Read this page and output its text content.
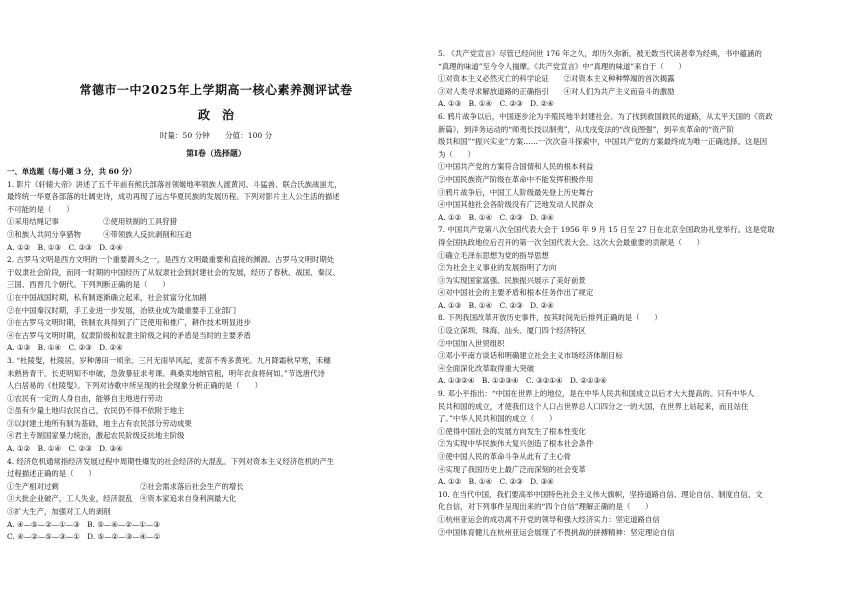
常德市一中2025年上学期高一核心素养测评试卷
政　治
时量：50 分钟　　分值：100 分
第Ⅰ卷（选择题）
一、单选题（每小题 3 分，共 60 分）
1. 影片《轩辕大帝》讲述了五千年前有熊氏部落首领姬地率领族人渡黄河、斗猛兽、联合氏族战蚩尤，
最终统一华夏各部落的壮阔史诗，成功再现了远古华夏民族的发展历程。下列对影片主人公生活的描述
不可能的是（　　）
①采用结绳记事　　　　　　②使用铁制的工具狩猎
③和族人共同分享猎物　　　④带领族人反抗剥削和压迫
A. ①②　B. ①③　C. ②③　D. ②④
2. 古罗马文明是西方文明的一个重要源头之一，是西方文明最重要和直接的渊源。古罗马文明时期处
于奴隶社会阶段，而同一时期的中国经历了从奴隶社会到封建社会的发展，经历了春秋、战国、秦汉、
三国、西晋几个朝代。下列判断正确的是（　　）
①在中国战国时期，私有制逐渐确立起来，社会贫富分化加剧
②在中国秦汉时期，手工业进一步发展，冶铁业成为最重要手工业部门
③在古罗马文明时期，铁制农具得到了广泛使用和推广，耕作技术明显进步
④在古罗马文明时期，奴隶阶级和奴隶主阶级之间的矛盾是当时的主要矛盾
A. ①③　B. ①④　C. ②③　D. ②④
3. “杜陵叟，杜陵居，岁种薄田一顷余。三月无雨旱风起，麦苗不秀多黄死。九月降霜秋早寒，禾穗
未熟皆青干。长吏明知不申破，急敛暴征求考课。典桑卖地纳官租，明年衣食将何如。”节选唐代诗
人白居易的《杜陵叟》。下列对诗歌中所呈现的社会现象分析正确的是（　　）
①农民有一定的人身自由，能够自主地进行劳动
②虽有少量土地归农民自己，农民仍不得不依附于地主
③以封建土地所有制为基础，地主占有农民部分劳动成果
④君主专制国家暴力统治，激起农民阶级反抗地主阶级
A. ①②　B. ①④　C. ②③　D. ③④
4. 经济危机通常指经济发展过程中周期性爆发的社会经济的大混乱。下列对资本主义经济危机的产生
过程描述正确的是（　　）
①生产相对过剩　　　　　　　　　　　②社会需求落后社会生产的增长
③大批企业破产，工人失业，经济混乱　④资本家追求自身利润最大化
⑤扩大生产，加强对工人的剥削
A. ④—⑤—②—①—③　B. ⑤—④—②—①—③
C. ④—②—⑤—③—①　D. ⑤—②—③—④—①
5. 《共产党宣言》尽管已经问世 176 年之久，却历久弥新，被无数当代读者奉为经典，书中蕴涵的
“真理的味道”至今令人揣摩。《共产党宣言》中“真理的味道”来自于（　　）
①对资本主义必然灭亡的科学论证　　②对资本主义种种弊端的首次揭露
③对人类寻求解放道路的正确指引　　④对人们为共产主义而奋斗的激励
A. ①③　B. ①④　C. ②③　D. ②④
6. 鸦片战争以后，中国逐步沦为半殖民地半封建社会。为了找到救国救民的道路，从太平天国的《资政
新篇》，到洋务运动的“师夷长技以制夷”，从戊戌变法的“改良图强”，到辛亥革命的“资产阶
级共和国”“振兴实业”方案……一次次奋斗探索中，中国共产党的方案最终成为唯一正确选择。这是因
为（　　）
①中国共产党的方案符合国情和人民的根本利益
②中国民族资产阶级在革命中不能发挥积极作用
③鸦片战争后，中国工人阶级最先登上历史舞台
④中国其他社会各阶级没有广泛地发动人民群众
A. ①②　B. ①④　C. ②③　D. ③④
7. 中国共产党第八次全国代表大会于 1956 年 9 月 15 日至 27 日在北京全国政协礼堂举行。这是党取
得全国执政地位后召开的第一次全国代表大会。这次大会最重要的贡献是（　　）
①确立毛泽东思想为党的指导思想
②为社会主义事业的发展指明了方向
③为实现国家富强、民族振兴展示了美好前景
④对中国社会的主要矛盾和根本任务作出了规定
A. ①③　B. ①④　C. ②③　D. ②④
8. 下列我国改革开放历史事件，按其时间先后排列正确的是（　　）
①设立深圳、珠海、汕头、厦门四个经济特区
②中国加入世贸组织
③邓小平南方谈话和明确建立社会主义市场经济体制目标
④全面深化改革取得重大突破
A. ①③②④　B. ①②③④　C. ③②①④　D. ②①③④
9. 邓小平指出：“中国在世界上的地位，是在中华人民共和国成立以后才大大提高的。只有中华人
民共和国的成立，才使我们这个人口占世界总人口四分之一的大国，在世界上站起来，而且站住
了。”中华人民共和国的成立（　　）
①使得中国社会的发展方向发生了根本性变化
②为实现中华民族伟大复兴创造了根本社会条件
③使中国人民的革命斗争从此有了主心骨
④实现了我国历史上最广泛而深刻的社会变革
A. ①②　B. ①④　C. ②③　D. ③④
10. 在当代中国，我们要高举中国特色社会主义伟大旗帜，坚持道路自信、理论自信、制度自信、文
化自信，对下列事件呈现出来的“四个自信”理解正确的是（　　）
①杭州亚运会的成功离不开党的领导和强大经济实力：坚定道路自信
②中国体育健儿在杭州亚运会展现了不畏挑战的拼搏精神：坚定理论自信
